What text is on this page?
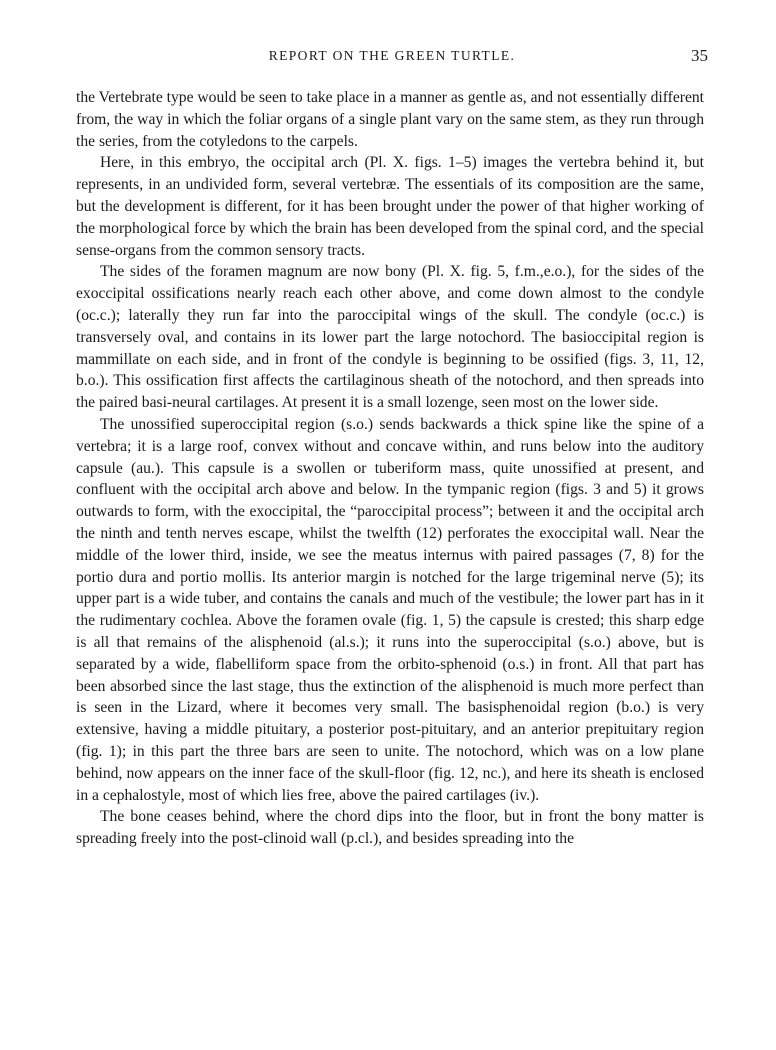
REPORT ON THE GREEN TURTLE.	35

the Vertebrate type would be seen to take place in a manner as gentle as, and not essentially different from, the way in which the foliar organs of a single plant vary on the same stem, as they run through the series, from the cotyledons to the carpels.

Here, in this embryo, the occipital arch (Pl. X. figs. 1–5) images the vertebra behind it, but represents, in an undivided form, several vertebræ. The essentials of its composition are the same, but the development is different, for it has been brought under the power of that higher working of the morphological force by which the brain has been developed from the spinal cord, and the special sense-organs from the common sensory tracts.

The sides of the foramen magnum are now bony (Pl. X. fig. 5, f.m.,e.o.), for the sides of the exoccipital ossifications nearly reach each other above, and come down almost to the condyle (oc.c.); laterally they run far into the paroccipital wings of the skull. The condyle (oc.c.) is transversely oval, and contains in its lower part the large notochord. The basioccipital region is mammillate on each side, and in front of the condyle is beginning to be ossified (figs. 3, 11, 12, b.o.). This ossification first affects the cartilaginous sheath of the notochord, and then spreads into the paired basi-neural cartilages. At present it is a small lozenge, seen most on the lower side.

The unossified superoccipital region (s.o.) sends backwards a thick spine like the spine of a vertebra; it is a large roof, convex without and concave within, and runs below into the auditory capsule (au.). This capsule is a swollen or tuberiform mass, quite unossified at present, and confluent with the occipital arch above and below. In the tympanic region (figs. 3 and 5) it grows outwards to form, with the exoccipital, the “paroccipital process”; between it and the occipital arch the ninth and tenth nerves escape, whilst the twelfth (12) perforates the exoccipital wall. Near the middle of the lower third, inside, we see the meatus internus with paired passages (7, 8) for the portio dura and portio mollis. Its anterior margin is notched for the large trigeminal nerve (5); its upper part is a wide tuber, and contains the canals and much of the vestibule; the lower part has in it the rudimentary cochlea. Above the foramen ovale (fig. 1, 5) the capsule is crested; this sharp edge is all that remains of the alisphenoid (al.s.); it runs into the superoccipital (s.o.) above, but is separated by a wide, flabelliform space from the orbito-sphenoid (o.s.) in front. All that part has been absorbed since the last stage, thus the extinction of the alisphenoid is much more perfect than is seen in the Lizard, where it becomes very small. The basisphenoidal region (b.o.) is very extensive, having a middle pituitary, a posterior post-pituitary, and an anterior prepituitary region (fig. 1); in this part the three bars are seen to unite. The notochord, which was on a low plane behind, now appears on the inner face of the skull-floor (fig. 12, nc.), and here its sheath is enclosed in a cephalostyle, most of which lies free, above the paired cartilages (iv.).

The bone ceases behind, where the chord dips into the floor, but in front the bony matter is spreading freely into the post-clinoid wall (p.cl.), and besides spreading into the
